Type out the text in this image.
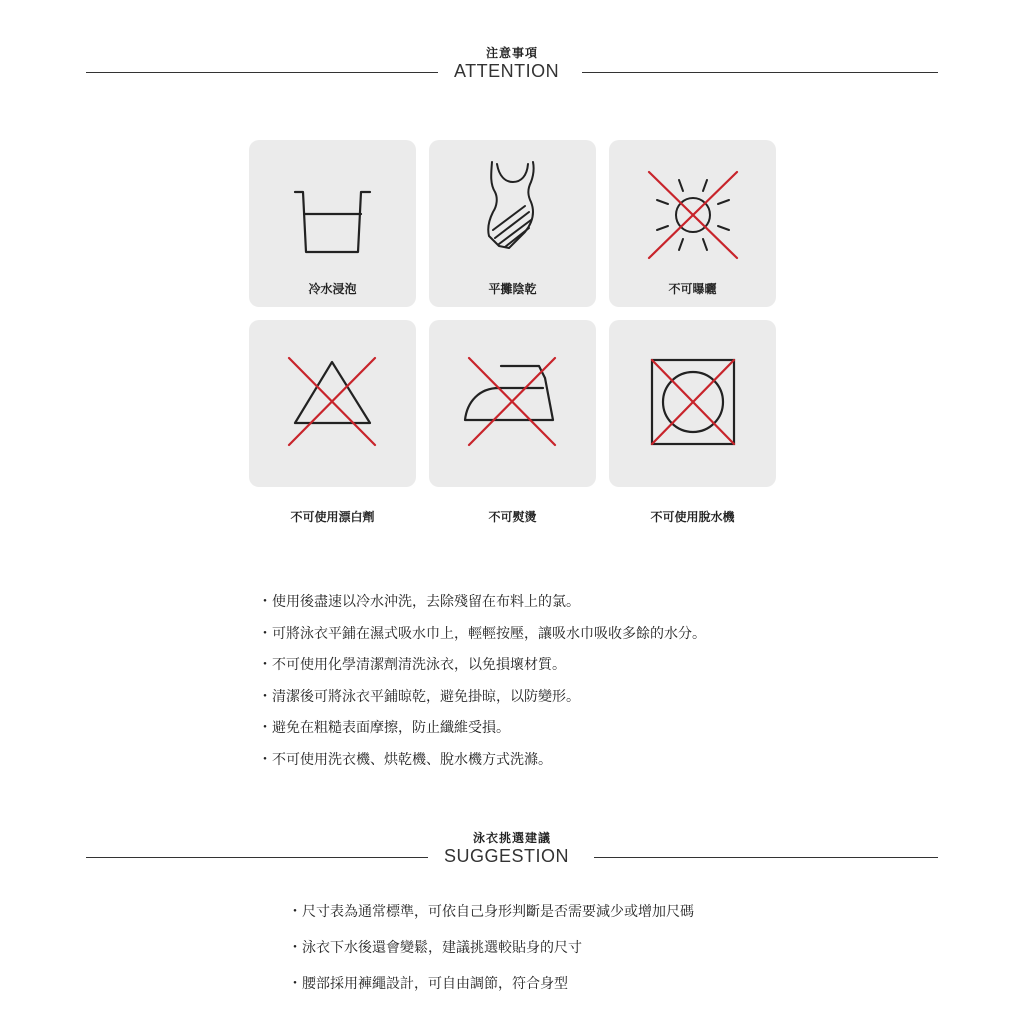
注意事項
ATTENTION
冷水浸泡	平攤陰乾	不可曝曬
不可使用漂白劑	不可熨燙	不可使用脫水機
・使用後盡速以冷水沖洗，去除殘留在布料上的氯。
・可將泳衣平鋪在濕式吸水巾上，輕輕按壓，讓吸水巾吸收多餘的水分。
・不可使用化學清潔劑清洗泳衣，以免損壞材質。
・清潔後可將泳衣平鋪晾乾，避免掛晾，以防變形。
・避免在粗糙表面摩擦，防止纖維受損。
・不可使用洗衣機、烘乾機、脫水機方式洗滌。
泳衣挑選建議
SUGGESTION
・尺寸表為通常標準，可依自己身形判斷是否需要減少或增加尺碼
・泳衣下水後還會變鬆，建議挑選較貼身的尺寸
・腰部採用褲繩設計，可自由調節，符合身型
